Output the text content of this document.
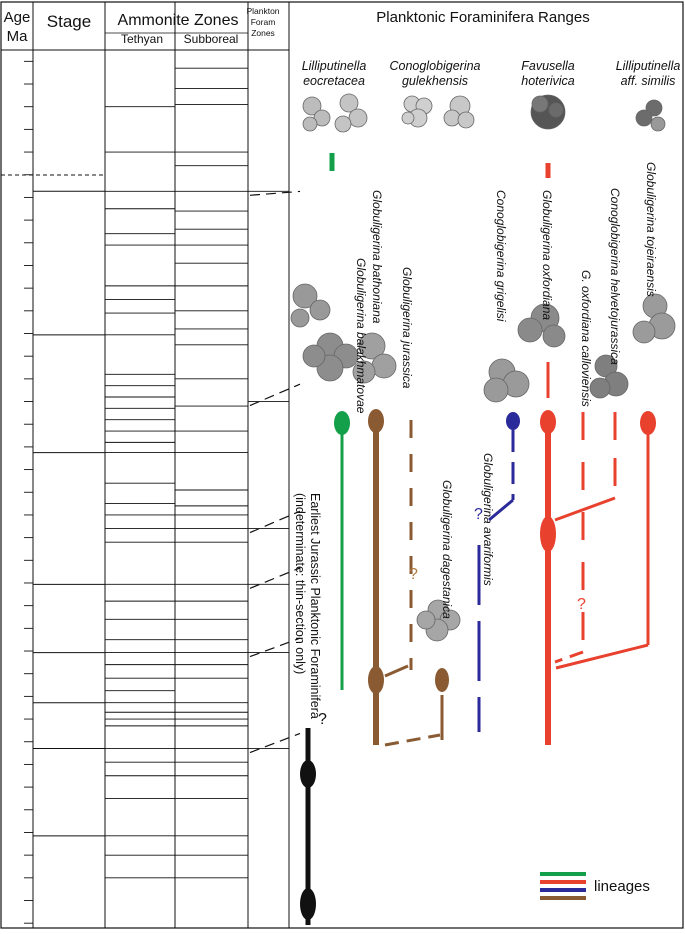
Age
Ma
Stage Ammonite Zones
Tethyan Subboreal
Plankton
Foram
Zones
Planktonic Foraminifera Ranges
Lilliputinella
eocretacea
Conoglobigerina
gulekhensis
Favusella
hoterivica
Lilliputinella
aff. similis
Globuligerina balakhmatovae
Globuligerina bathoniana
Globuligerina jurassica
Conoglobigerina grigelisi	Globuligerina oxfordiana
G. oxfordiana calloviensis Conoglobigerina helvetojurassica Globuligerina tojeiraensis
Globuligerina avariformis
Globuligerina dagestanica
Earliest Jurassic Planktonic Foraminifera
(indeterminate: thin-section only)	?
?
?
?
lineages
